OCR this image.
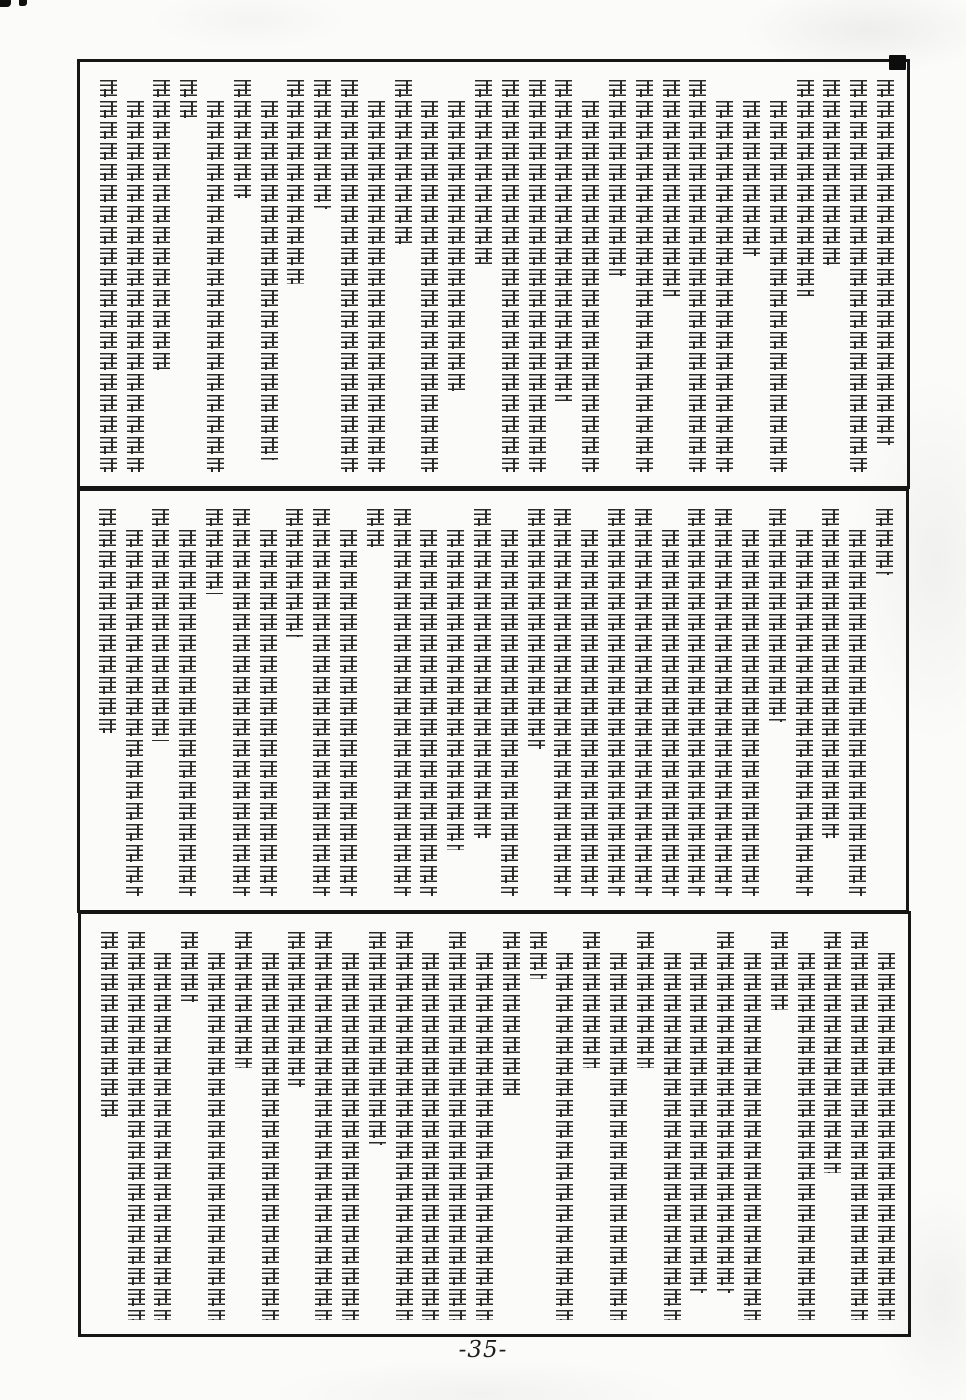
-35-
